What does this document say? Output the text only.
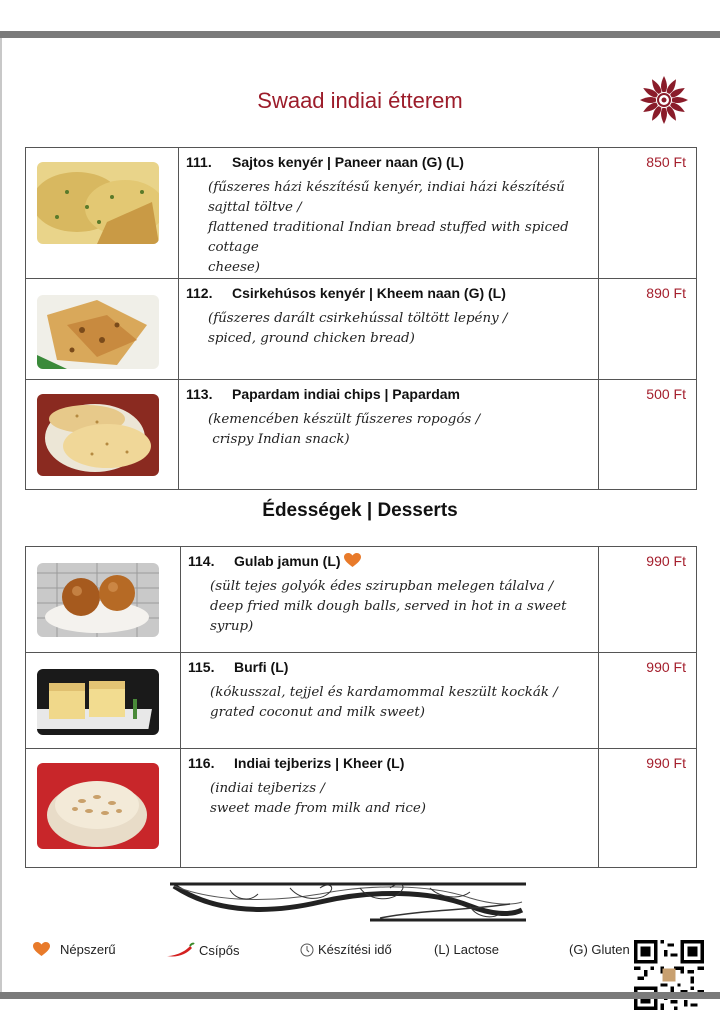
Swaad indiai étterem

111. Sajtos kenyér | Paneer naan (G) (L)
(fűszeres házi készítésű kenyér, indiai házi készítésű sajttal töltve /
flattened traditional Indian bread stuffed with spiced cottage
cheese)	850 Ft

112. Csirkehúsos kenyér | Kheem naan (G) (L)
(fűszeres darált csirkehússal töltött lepény /
spiced, ground chicken bread)	890 Ft

113. Papardam indiai chips | Papardam
(kemencében készült fűszeres ropogós /
crispy Indian snack)	500 Ft
Édességek | Desserts

114. Gulab jamun (L)
(sült tejes golyók édes szirupban melegen tálalva /
deep fried milk dough balls, served in hot in a sweet syrup)	990 Ft

115. Burfi (L)
(kókusszal, tejjel és kardamommal keszült kockák /
grated coconut and milk sweet)	990 Ft

116. Indiai tejberizs | Kheer (L)
(indiai tejberizs /
sweet made from milk and rice)	990 Ft
Népszerű	Csípős	Készítési idő	(L) Lactose	(G) Gluten
